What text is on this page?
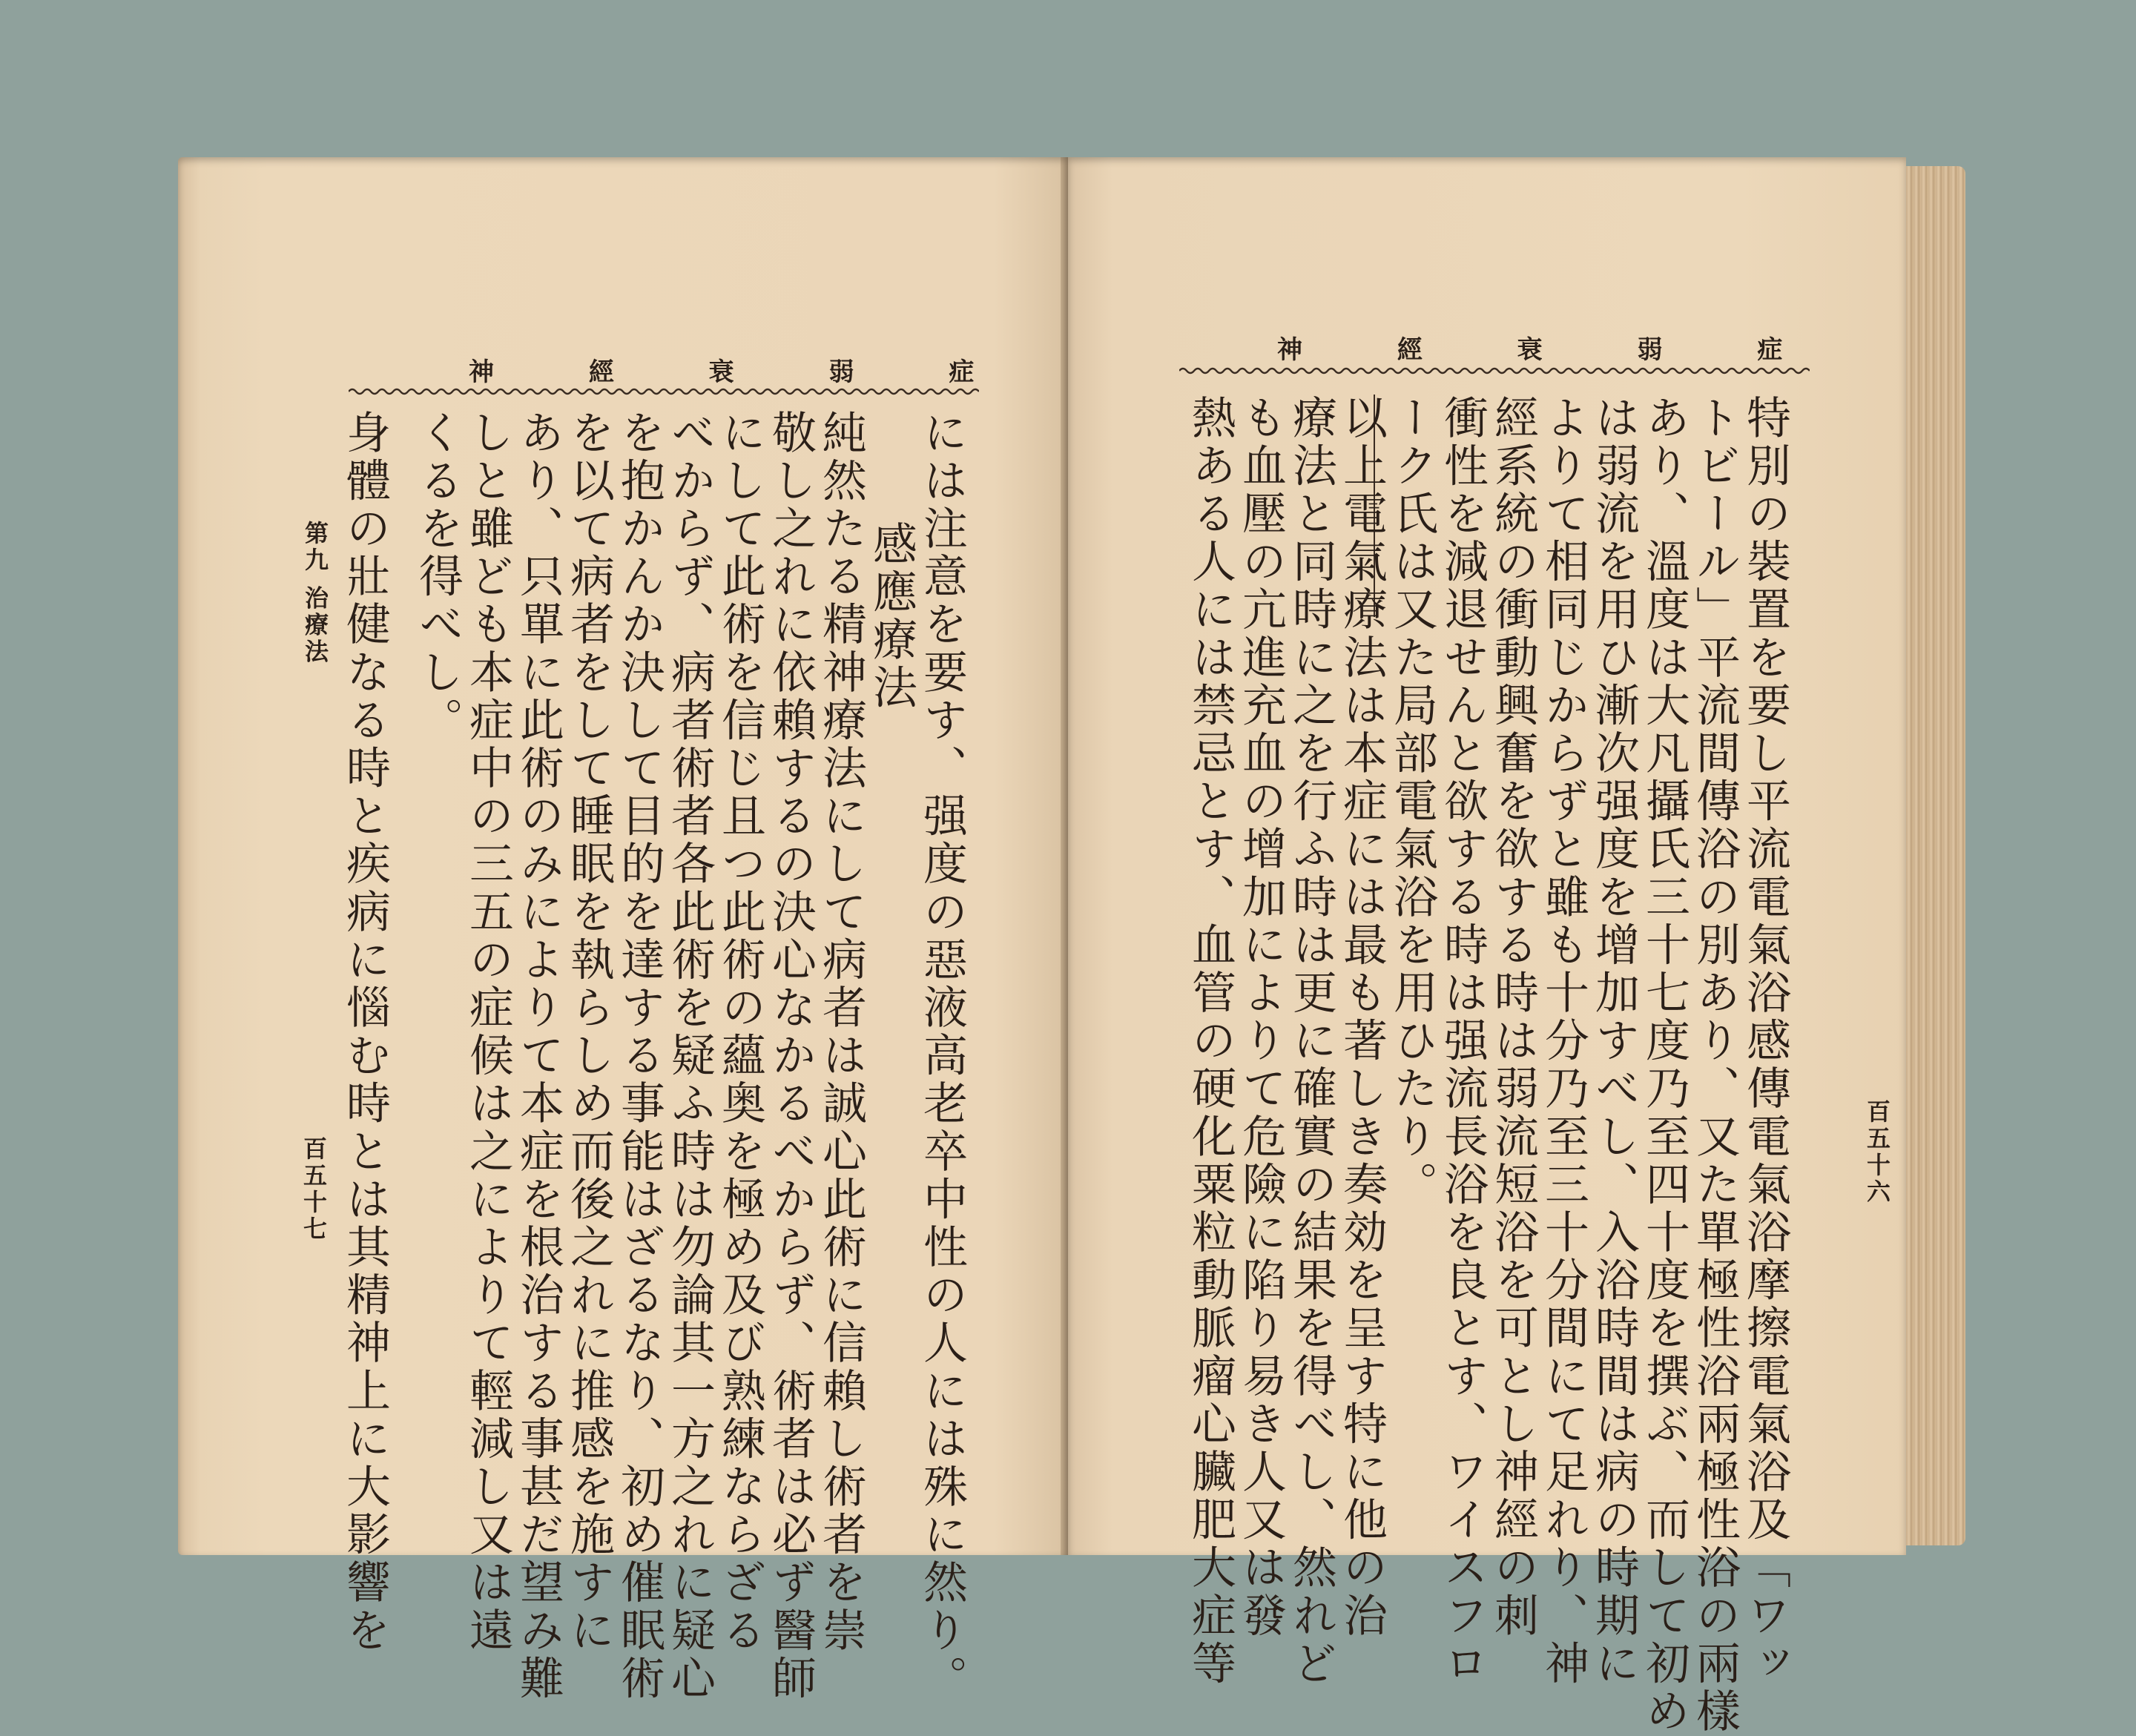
神 經 衰 弱 症
には注意を要す、强度の惡液高老卒中性の人には殊に然り。
感應療法
純然たる精神療法にして病者は誠心此術に信賴し術者を崇
敬し之れに依賴するの決心なかるべからず、術者は必ず醫師
にして此術を信じ且つ此術の蘊奥を極め及び熟練ならざる
べからず、病者術者各此術を疑ふ時は勿論其一方之れに疑心
を抱かんか決して目的を達する事能はざるなり、初め催眠術
を以て病者をして睡眠を執らしめ而後之れに推感を施すに
あり、只單に此術のみによりて本症を根治する事甚だ望み難
しと雖ども本症中の三五の症候は之によりて輕減し又は遠
くるを得べし。
身體の壯健なる時と疾病に惱む時とは其精神上に大影響を
第九 治療法
百五十七
神 經 衰 弱 症
特別の裝置を要し平流電氣浴感傳電氣浴摩擦電氣浴及「ワッ
トビール」平流間傳浴の別あり、又た單極性浴兩極性浴の兩樣
あり、溫度は大凡攝氏三十七度乃至四十度を撰ぶ、而して初め
は弱流を用ひ漸次强度を增加すべし、入浴時間は病の時期に
よりて相同じからずと雖も十分乃至三十分間にて足れり、神
經系統の衝動興奮を欲する時は弱流短浴を可とし神經の刺
衝性を減退せんと欲する時は强流長浴を良とす、ワイスフロ
ーク氏は又た局部電氣浴を用ひたり。
以上電氣療法は本症には最も著しき奏効を呈す特に他の治
療法と同時に之を行ふ時は更に確實の結果を得べし、然れど
も血壓の亢進充血の增加によりて危險に陷り易き人又は發
熱ある人には禁忌とす、血管の硬化粟粒動脈瘤心臟肥大症等	百五十六
